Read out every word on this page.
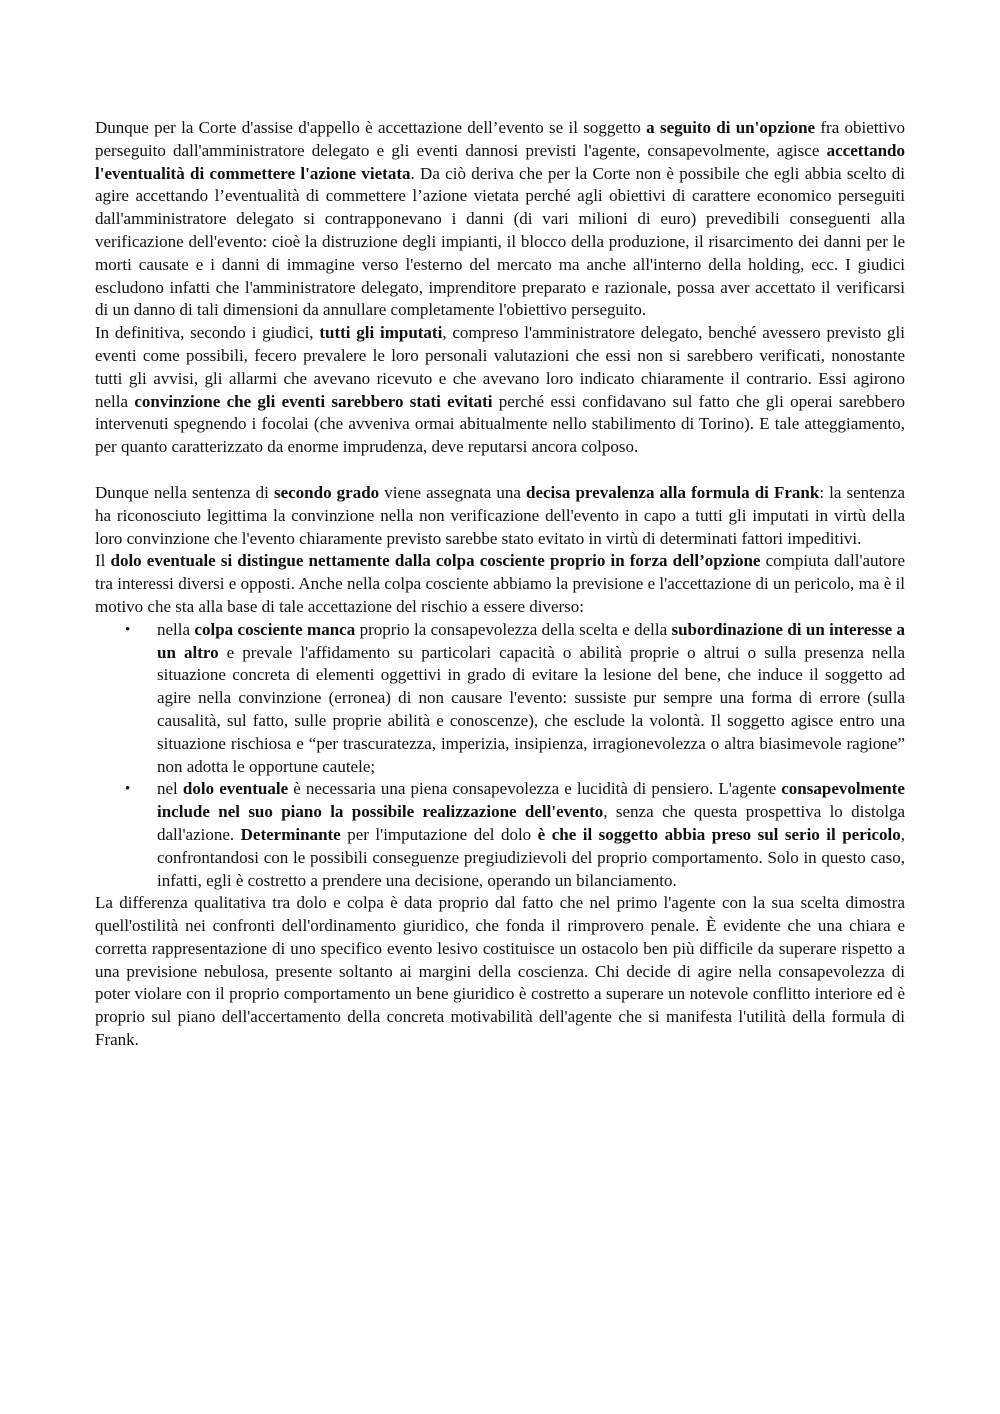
Dunque per la Corte d'assise d'appello è accettazione dell’evento se il soggetto a seguito di un'opzione fra obiettivo perseguito dall'amministratore delegato e gli eventi dannosi previsti l'agente, consapevolmente, agisce accettando l'eventualità di commettere l'azione vietata. Da ciò deriva che per la Corte non è possibile che egli abbia scelto di agire accettando l’eventualità di commettere l’azione vietata perché agli obiettivi di carattere economico perseguiti dall'amministratore delegato si contrapponevano i danni (di vari milioni di euro) prevedibili conseguenti alla verificazione dell'evento: cioè la distruzione degli impianti, il blocco della produzione, il risarcimento dei danni per le morti causate e i danni di immagine verso l'esterno del mercato ma anche all'interno della holding, ecc. I giudici escludono infatti che l'amministratore delegato, imprenditore preparato e razionale, possa aver accettato il verificarsi di un danno di tali dimensioni da annullare completamente l'obiettivo perseguito.

In definitiva, secondo i giudici, tutti gli imputati, compreso l'amministratore delegato, benché avessero previsto gli eventi come possibili, fecero prevalere le loro personali valutazioni che essi non si sarebbero verificati, nonostante tutti gli avvisi, gli allarmi che avevano ricevuto e che avevano loro indicato chiaramente il contrario. Essi agirono nella convinzione che gli eventi sarebbero stati evitati perché essi confidavano sul fatto che gli operai sarebbero intervenuti spegnendo i focolai (che avveniva ormai abitualmente nello stabilimento di Torino). E tale atteggiamento, per quanto caratterizzato da enorme imprudenza, deve reputarsi ancora colposo.

Dunque nella sentenza di secondo grado viene assegnata una decisa prevalenza alla formula di Frank: la sentenza ha riconosciuto legittima la convinzione nella non verificazione dell'evento in capo a tutti gli imputati in virtù della loro convinzione che l'evento chiaramente previsto sarebbe stato evitato in virtù di determinati fattori impeditivi.

Il dolo eventuale si distingue nettamente dalla colpa cosciente proprio in forza dell’opzione compiuta dall'autore tra interessi diversi e opposti. Anche nella colpa cosciente abbiamo la previsione e l'accettazione di un pericolo, ma è il motivo che sta alla base di tale accettazione del rischio a essere diverso:

• nella colpa cosciente manca proprio la consapevolezza della scelta e della subordinazione di un interesse a un altro e prevale l'affidamento su particolari capacità o abilità proprie o altrui o sulla presenza nella situazione concreta di elementi oggettivi in grado di evitare la lesione del bene, che induce il soggetto ad agire nella convinzione (erronea) di non causare l'evento: sussiste pur sempre una forma di errore (sulla causalità, sul fatto, sulle proprie abilità e conoscenze), che esclude la volontà. Il soggetto agisce entro una situazione rischiosa e “per trascuratezza, imperizia, insipienza, irragionevolezza o altra biasimevole ragione” non adotta le opportune cautele;
• nel dolo eventuale è necessaria una piena consapevolezza e lucidità di pensiero. L'agente consapevolmente include nel suo piano la possibile realizzazione dell'evento, senza che questa prospettiva lo distolga dall'azione. Determinante per l'imputazione del dolo è che il soggetto abbia preso sul serio il pericolo, confrontandosi con le possibili conseguenze pregiudizievoli del proprio comportamento. Solo in questo caso, infatti, egli è costretto a prendere una decisione, operando un bilanciamento.

La differenza qualitativa tra dolo e colpa è data proprio dal fatto che nel primo l'agente con la sua scelta dimostra quell'ostilità nei confronti dell'ordinamento giuridico, che fonda il rimprovero penale. È evidente che una chiara e corretta rappresentazione di uno specifico evento lesivo costituisce un ostacolo ben più difficile da superare rispetto a una previsione nebulosa, presente soltanto ai margini della coscienza. Chi decide di agire nella consapevolezza di poter violare con il proprio comportamento un bene giuridico è costretto a superare un notevole conflitto interiore ed è proprio sul piano dell'accertamento della concreta motivabilità dell'agente che si manifesta l'utilità della formula di Frank.
